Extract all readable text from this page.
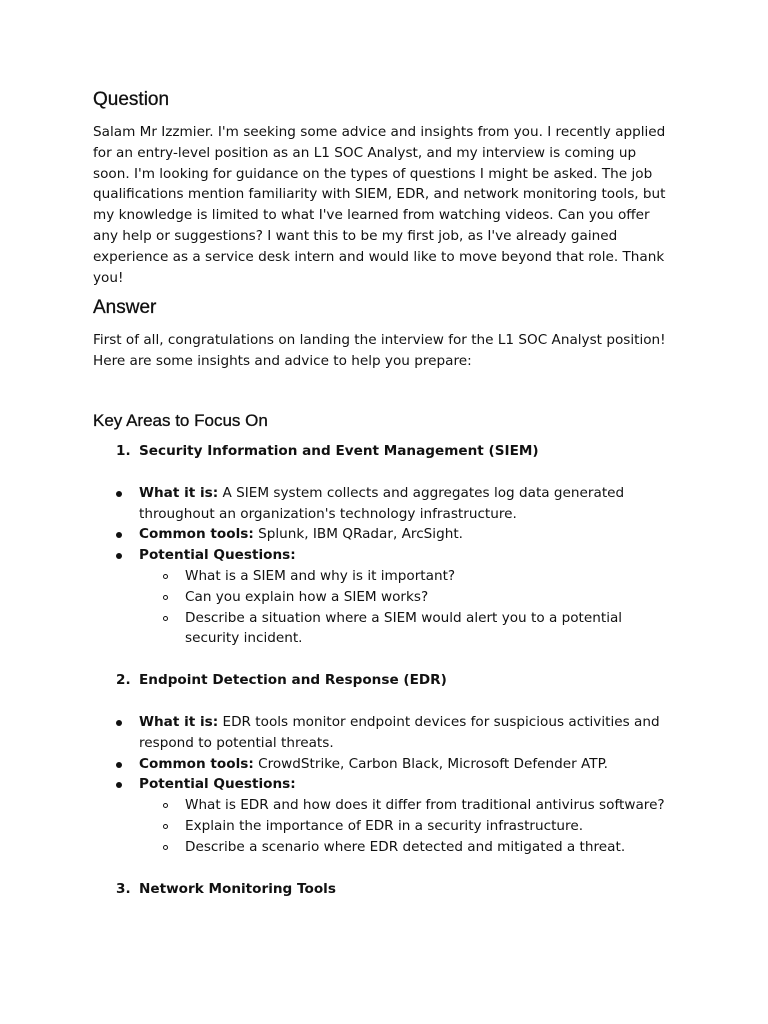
Question

Salam Mr Izzmier. I'm seeking some advice and insights from you. I recently applied for an entry-level position as an L1 SOC Analyst, and my interview is coming up soon. I'm looking for guidance on the types of questions I might be asked. The job qualifications mention familiarity with SIEM, EDR, and network monitoring tools, but my knowledge is limited to what I've learned from watching videos. Can you offer any help or suggestions? I want this to be my first job, as I've already gained experience as a service desk intern and would like to move beyond that role. Thank you!

Answer

First of all, congratulations on landing the interview for the L1 SOC Analyst position! Here are some insights and advice to help you prepare:

Key Areas to Focus On
1. Security Information and Event Management (SIEM)
What it is: A SIEM system collects and aggregates log data generated throughout an organization's technology infrastructure.
Common tools: Splunk, IBM QRadar, ArcSight.
Potential Questions:
What is a SIEM and why is it important?
Can you explain how a SIEM works?
Describe a situation where a SIEM would alert you to a potential security incident.
2. Endpoint Detection and Response (EDR)
What it is: EDR tools monitor endpoint devices for suspicious activities and respond to potential threats.
Common tools: CrowdStrike, Carbon Black, Microsoft Defender ATP.
Potential Questions:
What is EDR and how does it differ from traditional antivirus software?
Explain the importance of EDR in a security infrastructure.
Describe a scenario where EDR detected and mitigated a threat.
3. Network Monitoring Tools
